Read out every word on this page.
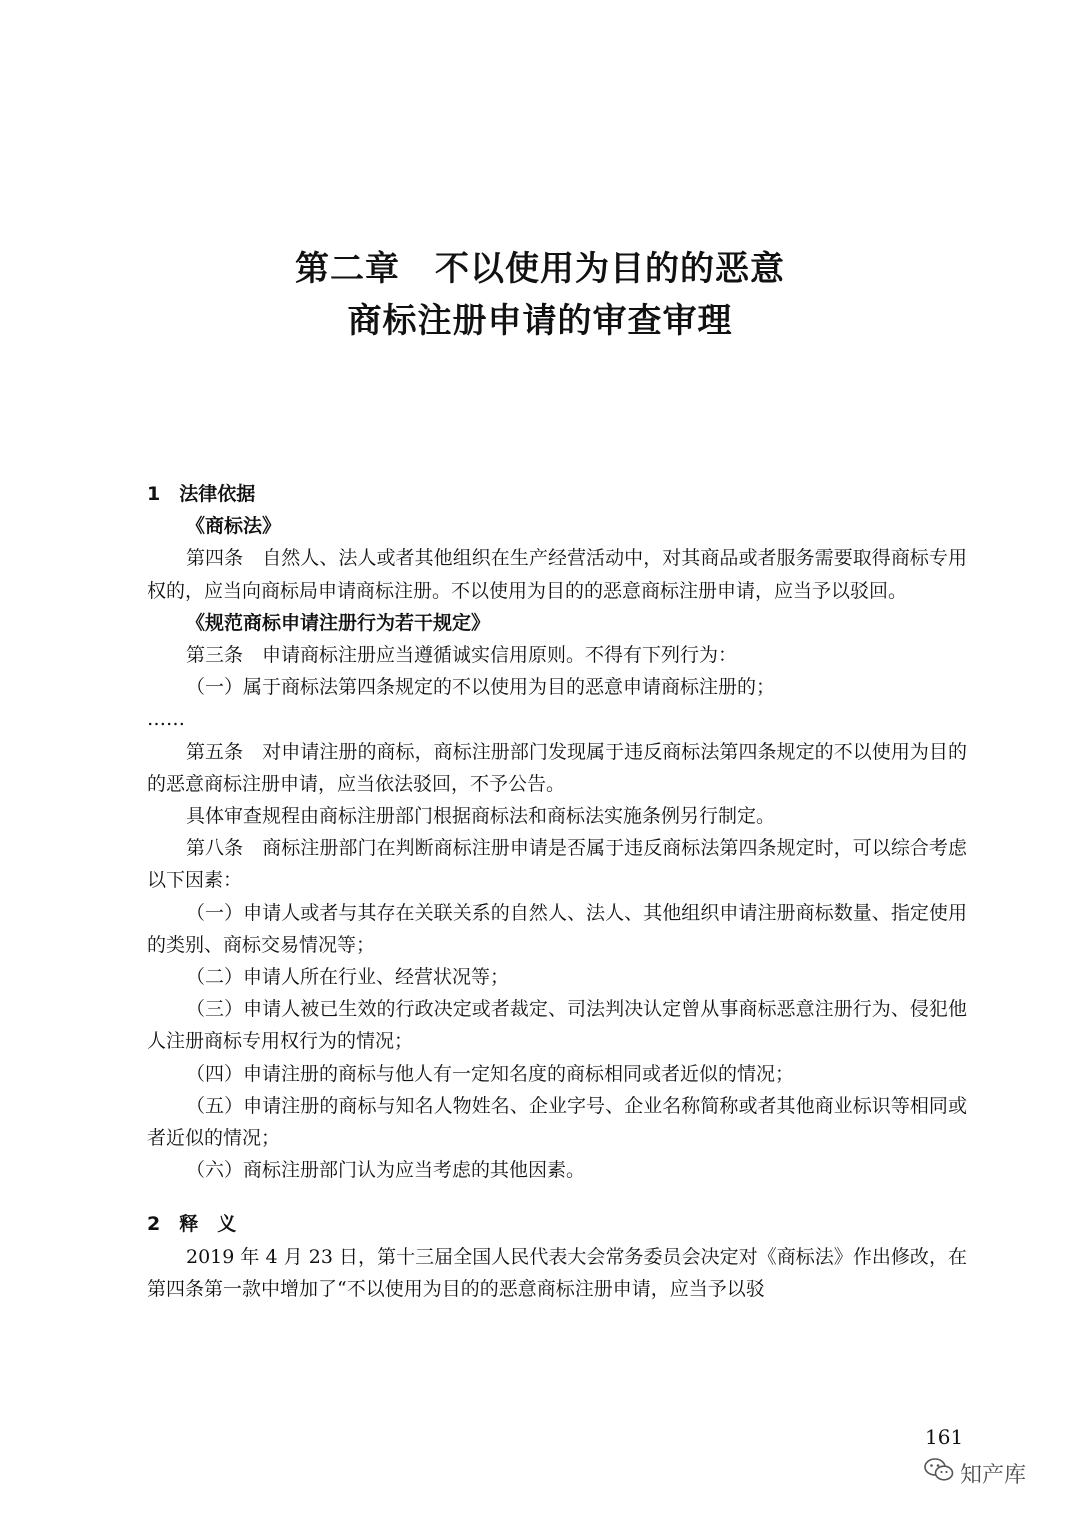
第二章　不以使用为目的的恶意
商标注册申请的审查审理
1　法律依据
《商标法》
第四条　自然人、法人或者其他组织在生产经营活动中，对其商品或者服务需要取得商标专用权的，应当向商标局申请商标注册。不以使用为目的的恶意商标注册申请，应当予以驳回。
《规范商标申请注册行为若干规定》
第三条　申请商标注册应当遵循诚实信用原则。不得有下列行为：
（一）属于商标法第四条规定的不以使用为目的恶意申请商标注册的；
……
第五条　对申请注册的商标，商标注册部门发现属于违反商标法第四条规定的不以使用为目的的恶意商标注册申请，应当依法驳回，不予公告。
具体审查规程由商标注册部门根据商标法和商标法实施条例另行制定。
第八条　商标注册部门在判断商标注册申请是否属于违反商标法第四条规定时，可以综合考虑以下因素：
（一）申请人或者与其存在关联关系的自然人、法人、其他组织申请注册商标数量、指定使用的类别、商标交易情况等；
（二）申请人所在行业、经营状况等；
（三）申请人被已生效的行政决定或者裁定、司法判决认定曾从事商标恶意注册行为、侵犯他人注册商标专用权行为的情况；
（四）申请注册的商标与他人有一定知名度的商标相同或者近似的情况；
（五）申请注册的商标与知名人物姓名、企业字号、企业名称简称或者其他商业标识等相同或者近似的情况；
（六）商标注册部门认为应当考虑的其他因素。
2　释　义
2019 年 4 月 23 日，第十三届全国人民代表大会常务委员会决定对《商标法》作出修改，在第四条第一款中增加了“不以使用为目的的恶意商标注册申请，应当予以驳
161
知产库
